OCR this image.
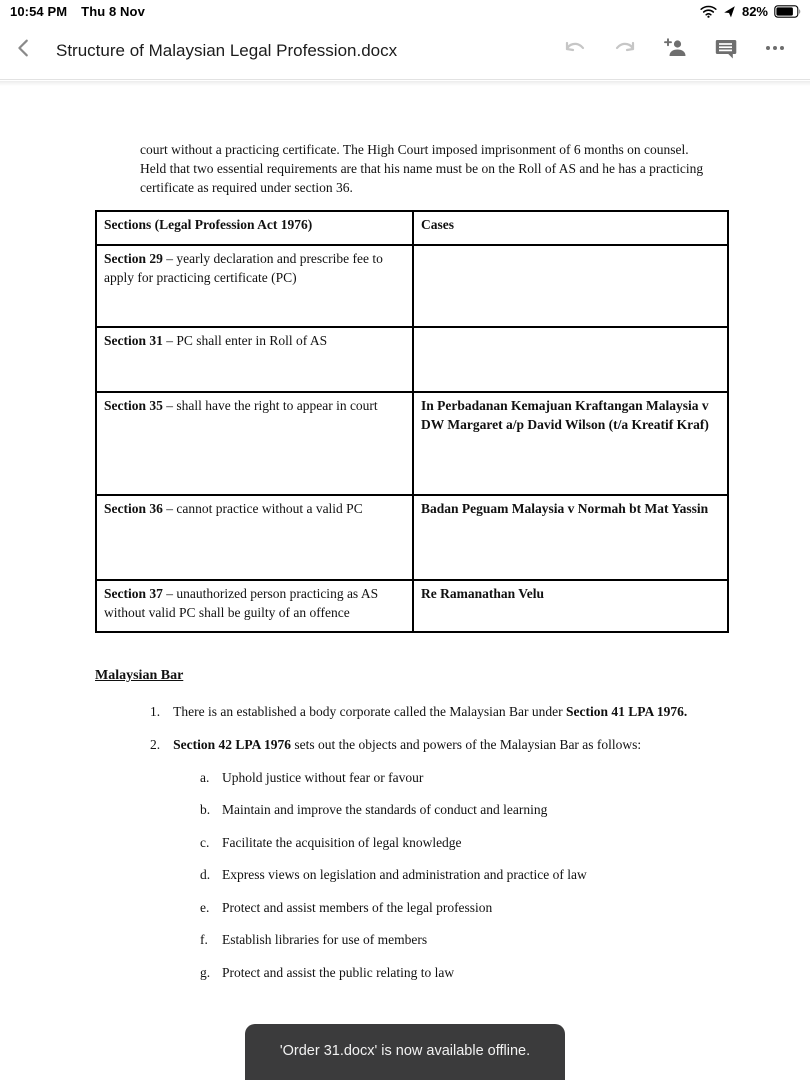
10:54 PM Thu 8 Nov	82%
Structure of Malaysian Legal Profession.docx

court without a practicing certificate. The High Court imposed imprisonment of 6 months on counsel. Held that two essential requirements are that his name must be on the Roll of AS and he has a practicing certificate as required under section 36.

Sections (Legal Profession Act 1976)	Cases
Section 29 – yearly declaration and prescribe fee to apply for practicing certificate (PC)	
Section 31 – PC shall enter in Roll of AS	
Section 35 – shall have the right to appear in court	In Perbadanan Kemajuan Kraftangan Malaysia v DW Margaret a/p David Wilson (t/a Kreatif Kraf)
Section 36 – cannot practice without a valid PC	Badan Peguam Malaysia v Normah bt Mat Yassin
Section 37 – unauthorized person practicing as AS without valid PC shall be guilty of an offence	Re Ramanathan Velu
Malaysian Bar

1. There is an established a body corporate called the Malaysian Bar under Section 41 LPA 1976.

2. Section 42 LPA 1976 sets out the objects and powers of the Malaysian Bar as follows:

a. Uphold justice without fear or favour
b. Maintain and improve the standards of conduct and learning
c. Facilitate the acquisition of legal knowledge
d. Express views on legislation and administration and practice of law
e. Protect and assist members of the legal profession
f.	Establish libraries for use of members
g. Protect and assist the public relating to law
'Order 31.docx' is now available offline.
